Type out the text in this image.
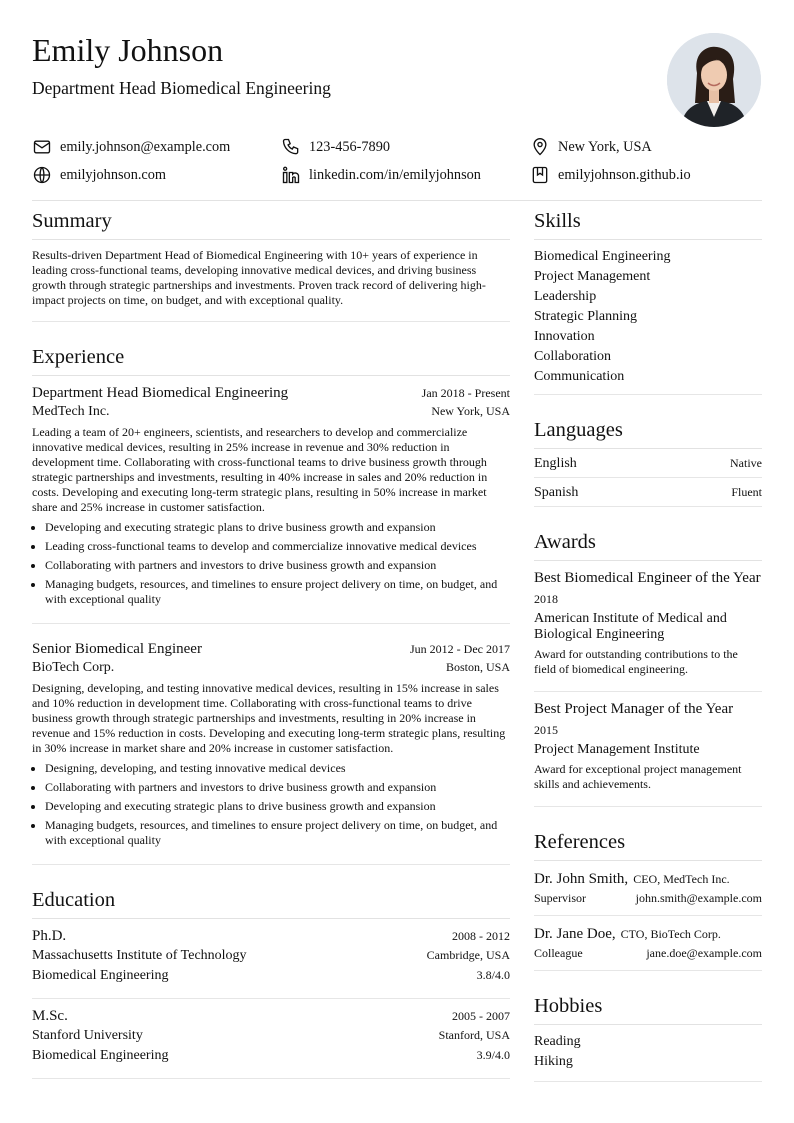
Emily Johnson
Department Head Biomedical Engineering
emily.johnson@example.com	123-456-7890	New York, USA
emilyjohnson.com	linkedin.com/in/emilyjohnson	emilyjohnson.github.io
Summary
Results-driven Department Head of Biomedical Engineering with 10+ years of experience in leading cross-functional teams, developing innovative medical devices, and driving business growth through strategic partnerships and investments. Proven track record of delivering high-impact projects on time, on budget, and with exceptional quality.
Experience
Department Head Biomedical Engineering	Jan 2018 - Present
MedTech Inc.	New York, USA
Leading a team of 20+ engineers, scientists, and researchers to develop and commercialize innovative medical devices, resulting in 25% increase in revenue and 30% reduction in development time. Collaborating with cross-functional teams to drive business growth through strategic partnerships and investments, resulting in 40% increase in sales and 20% reduction in costs. Developing and executing long-term strategic plans, resulting in 50% increase in market share and 25% increase in customer satisfaction.
• Developing and executing strategic plans to drive business growth and expansion
• Leading cross-functional teams to develop and commercialize innovative medical devices
• Collaborating with partners and investors to drive business growth and expansion
• Managing budgets, resources, and timelines to ensure project delivery on time, on budget, and with exceptional quality
Senior Biomedical Engineer	Jun 2012 - Dec 2017
BioTech Corp.	Boston, USA
Designing, developing, and testing innovative medical devices, resulting in 15% increase in sales and 10% reduction in development time. Collaborating with cross-functional teams to drive business growth through strategic partnerships and investments, resulting in 20% increase in revenue and 15% reduction in costs. Developing and executing long-term strategic plans, resulting in 30% increase in market share and 20% increase in customer satisfaction.
• Designing, developing, and testing innovative medical devices
• Collaborating with partners and investors to drive business growth and expansion
• Developing and executing strategic plans to drive business growth and expansion
• Managing budgets, resources, and timelines to ensure project delivery on time, on budget, and with exceptional quality
Education
Ph.D.	2008 - 2012
Massachusetts Institute of Technology	Cambridge, USA
Biomedical Engineering	3.8/4.0
M.Sc.	2005 - 2007
Stanford University	Stanford, USA
Biomedical Engineering	3.9/4.0
Skills
Biomedical Engineering
Project Management
Leadership
Strategic Planning
Innovation
Collaboration
Communication
Languages
English	Native
Spanish	Fluent
Awards
Best Biomedical Engineer of the Year
2018
American Institute of Medical and Biological Engineering
Award for outstanding contributions to the field of biomedical engineering.
Best Project Manager of the Year
2015
Project Management Institute
Award for exceptional project management skills and achievements.
References
Dr. John Smith, CEO, MedTech Inc.
Supervisor	john.smith@example.com
Dr. Jane Doe, CTO, BioTech Corp.
Colleague	jane.doe@example.com
Hobbies
Reading
Hiking
